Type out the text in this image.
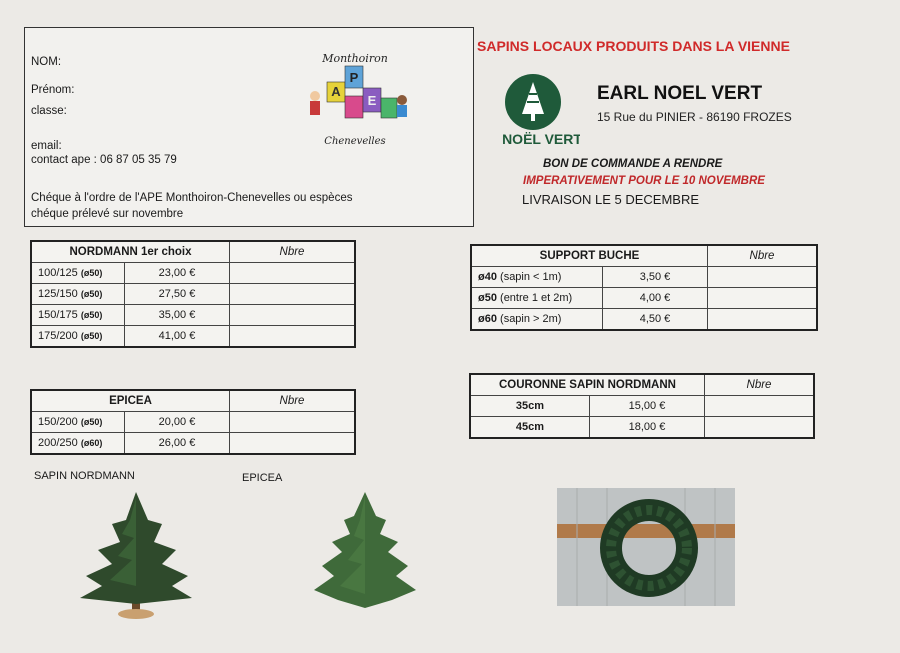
NOM:
Prénom:
classe:
email:
contact ape : 06 87 05 35 79
Chéque à l'ordre de l'APE Monthoiron-Chenevelles ou espèces
chéque prélevé sur novembre
Monthoiron
A
P
E
Chenevelles
SAPINS LOCAUX PRODUITS DANS LA VIENNE
NOËL VERT
EARL NOEL VERT
15 Rue du PINIER - 86190 FROZES
BON DE COMMANDE A RENDRE
IMPERATIVEMENT POUR LE 10 NOVEMBRE
LIVRAISON LE 5 DECEMBRE
NORDMANN 1er choix		Nbre
100/125 (ø50)	23,00 €	
125/150 (ø50)	27,50 €	
150/175 (ø50)	35,00 €	
175/200 (ø50)	41,00 €	
EPICEA		Nbre
150/200 (ø50)	20,00 €	
200/250 (ø60)	26,00 €	
SUPPORT BUCHE		Nbre
ø40 (sapin < 1m)	3,50 €	
ø50 (entre 1 et 2m)	4,00 €	
ø60 (sapin > 2m)	4,50 €	
COURONNE SAPIN NORDMANN		Nbre
35cm	15,00 €	
45cm	18,00 €	
SAPIN NORDMANN	EPICEA
